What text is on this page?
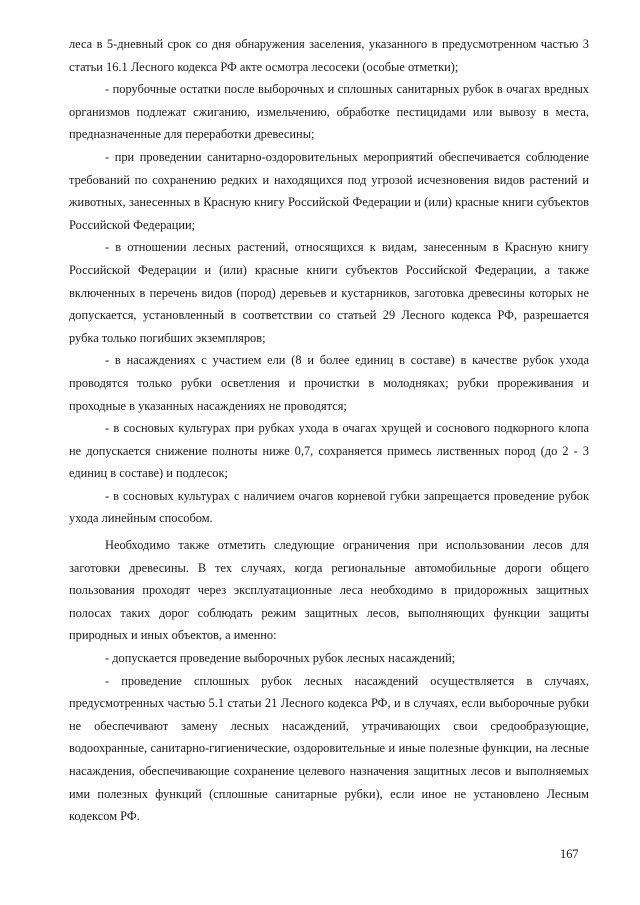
леса в 5-дневный срок со дня обнаружения заселения, указанного в предусмотренном частью 3 статьи 16.1 Лесного кодекса РФ акте осмотра лесосеки (особые отметки);

- порубочные остатки после выборочных и сплошных санитарных рубок в очагах вредных организмов подлежат сжиганию, измельчению, обработке пестицидами или вывозу в места, предназначенные для переработки древесины;

- при проведении санитарно-оздоровительных мероприятий обеспечивается соблюдение требований по сохранению редких и находящихся под угрозой исчезновения видов растений и животных, занесенных в Красную книгу Российской Федерации и (или) красные книги субъектов Российской Федерации;

- в отношении лесных растений, относящихся к видам, занесенным в Красную книгу Российской Федерации и (или) красные книги субъектов Российской Федерации, а также включенных в перечень видов (пород) деревьев и кустарников, заготовка древесины которых не допускается, установленный в соответствии со статьей 29 Лесного кодекса РФ, разрешается рубка только погибших экземпляров;

- в насаждениях с участием ели (8 и более единиц в составе) в качестве рубок ухода проводятся только рубки осветления и прочистки в молодняках; рубки прореживания и проходные в указанных насаждениях не проводятся;

- в сосновых культурах при рубках ухода в очагах хрущей и соснового подкорного клопа не допускается снижение полноты ниже 0,7, сохраняется примесь лиственных пород (до 2 - 3 единиц в составе) и подлесок;

- в сосновых культурах с наличием очагов корневой губки запрещается проведение рубок ухода линейным способом.

Необходимо также отметить следующие ограничения при использовании лесов для заготовки древесины. В тех случаях, когда региональные автомобильные дороги общего пользования проходят через эксплуатационные леса необходимо в придорожных защитных полосах таких дорог соблюдать режим защитных лесов, выполняющих функции защиты природных и иных объектов, а именно:

- допускается проведение выборочных рубок лесных насаждений;

- проведение сплошных рубок лесных насаждений осуществляется в случаях, предусмотренных частью 5.1 статьи 21 Лесного кодекса РФ, и в случаях, если выборочные рубки не обеспечивают замену лесных насаждений, утрачивающих свои средообразующие, водоохранные, санитарно-гигиенические, оздоровительные и иные полезные функции, на лесные насаждения, обеспечивающие сохранение целевого назначения защитных лесов и выполняемых ими полезных функций (сплошные санитарные рубки), если иное не установлено Лесным кодексом РФ.

167
